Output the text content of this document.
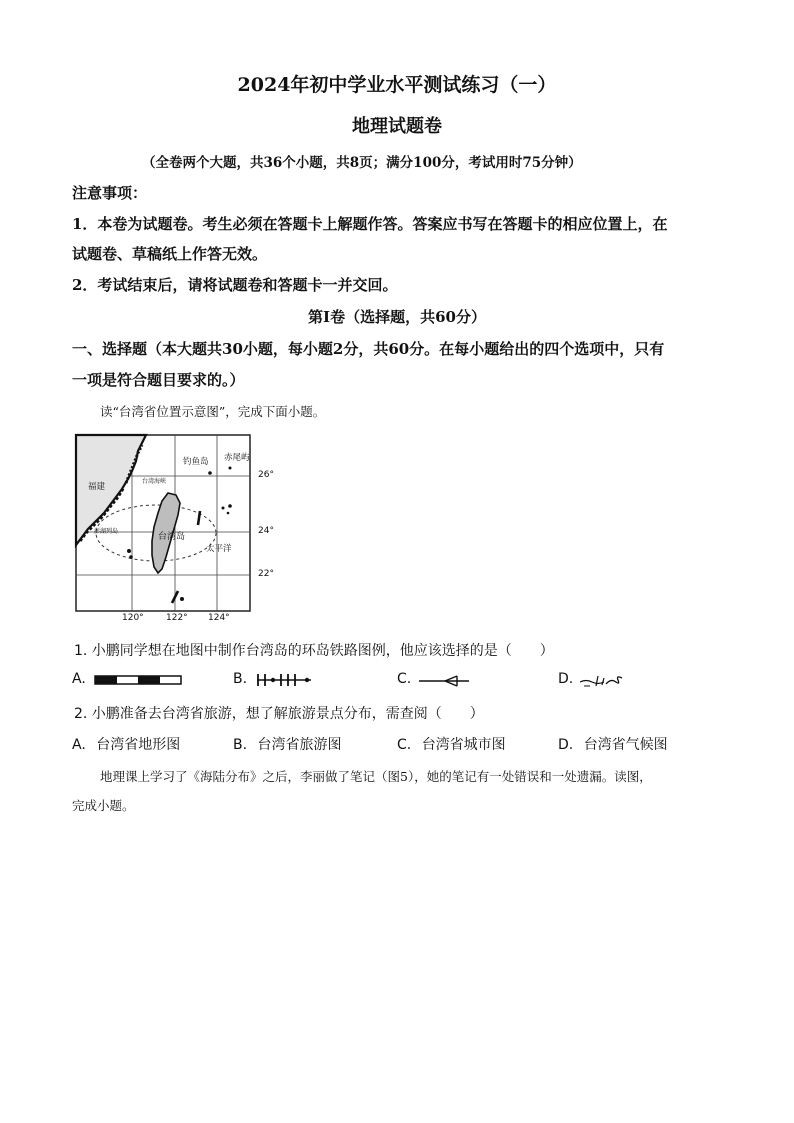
2024年初中学业水平测试练习（一）

地理试题卷

（全卷两个大题，共36个小题，共8页；满分100分，考试用时75分钟）

注意事项：

1．本卷为试题卷。考生必须在答题卡上解题作答。答案应书写在答题卡的相应位置上，在

试题卷、草稿纸上作答无效。

2．考试结束后，请将试题卷和答题卡一并交回。

第Ⅰ卷（选择题，共60分）

一、选择题（本大题共30小题，每小题2分，共60分。在每小题给出的四个选项中，只有

一项是符合题目要求的。）

读“台湾省位置示意图”，完成下面小题。

钓鱼岛 赤尾屿
福建
台湾海峡
台湾岛
澎湖列岛
太平洋
26°
24°
22°
120° 122° 124°

1. 小鹏同学想在地图中制作台湾岛的环岛铁路图例，他应该选择的是（　　）

A.	B.	C.	D.

2. 小鹏准备去台湾省旅游，想了解旅游景点分布，需查阅（　　）

A. 台湾省地形图	B. 台湾省旅游图	C. 台湾省城市图	D. 台湾省气候图

地理课上学习了《海陆分布》之后，李丽做了笔记（图5），她的笔记有一处错误和一处遗漏。读图，

完成小题。
